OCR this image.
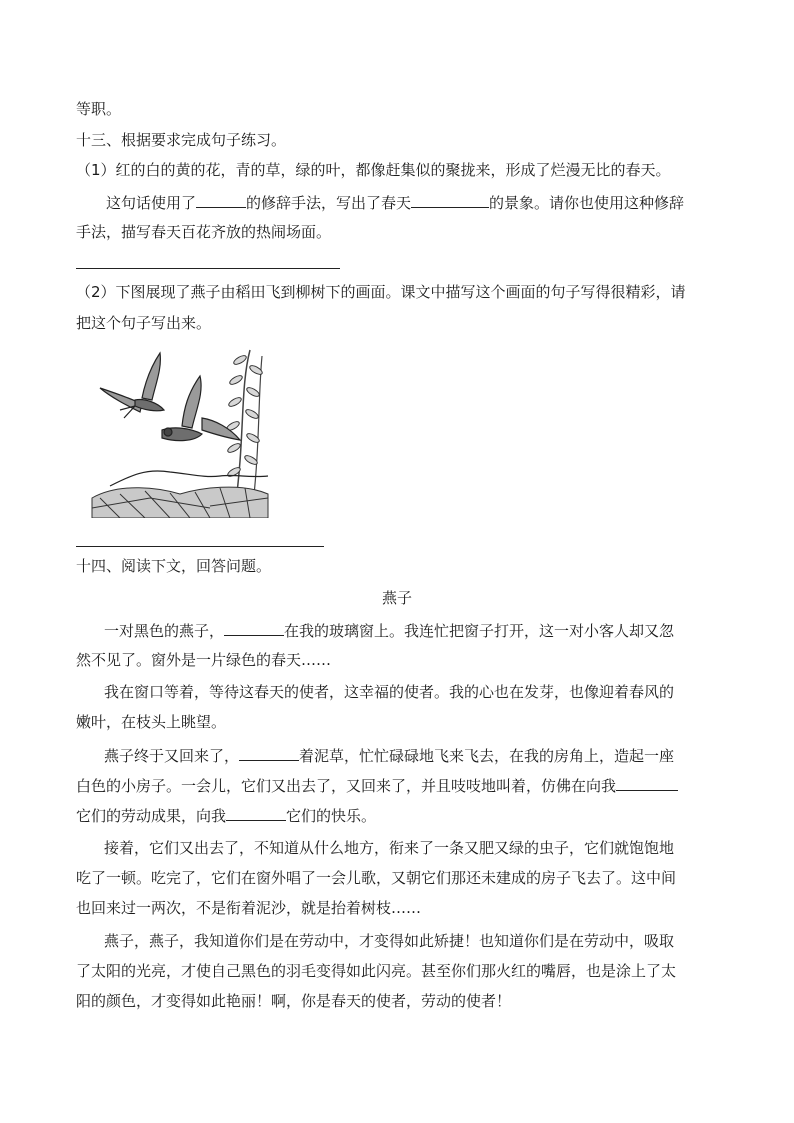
等职。
十三、根据要求完成句子练习。
（1）红的白的黄的花，青的草，绿的叶，都像赶集似的聚拢来，形成了烂漫无比的春天。
这句话使用了	的修辞手法，写出了春天	的景象。请你也使用这种修辞
手法，描写春天百花齐放的热闹场面。
（2）下图展现了燕子由稻田飞到柳树下的画面。课文中描写这个画面的句子写得很精彩，请
把这个句子写出来。
十四、阅读下文，回答问题。
燕子
一对黑色的燕子，	在我的玻璃窗上。我连忙把窗子打开，这一对小客人却又忽
然不见了。窗外是一片绿色的春天……
我在窗口等着，等待这春天的使者，这幸福的使者。我的心也在发芽，也像迎着春风的
嫩叶，在枝头上眺望。
燕子终于又回来了，	着泥草，忙忙碌碌地飞来飞去，在我的房角上，造起一座
白色的小房子。一会儿，它们又出去了，又回来了，并且吱吱地叫着，仿佛在向我
它们的劳动成果，向我	它们的快乐。
接着，它们又出去了，不知道从什么地方，衔来了一条又肥又绿的虫子，它们就饱饱地
吃了一顿。吃完了，它们在窗外唱了一会儿歌，又朝它们那还未建成的房子飞去了。这中间
也回来过一两次，不是衔着泥沙，就是抬着树枝……
燕子，燕子，我知道你们是在劳动中，才变得如此矫捷！也知道你们是在劳动中，吸取
了太阳的光亮，才使自己黑色的羽毛变得如此闪亮。甚至你们那火红的嘴唇，也是涂上了太
阳的颜色，才变得如此艳丽！啊，你是春天的使者，劳动的使者！
